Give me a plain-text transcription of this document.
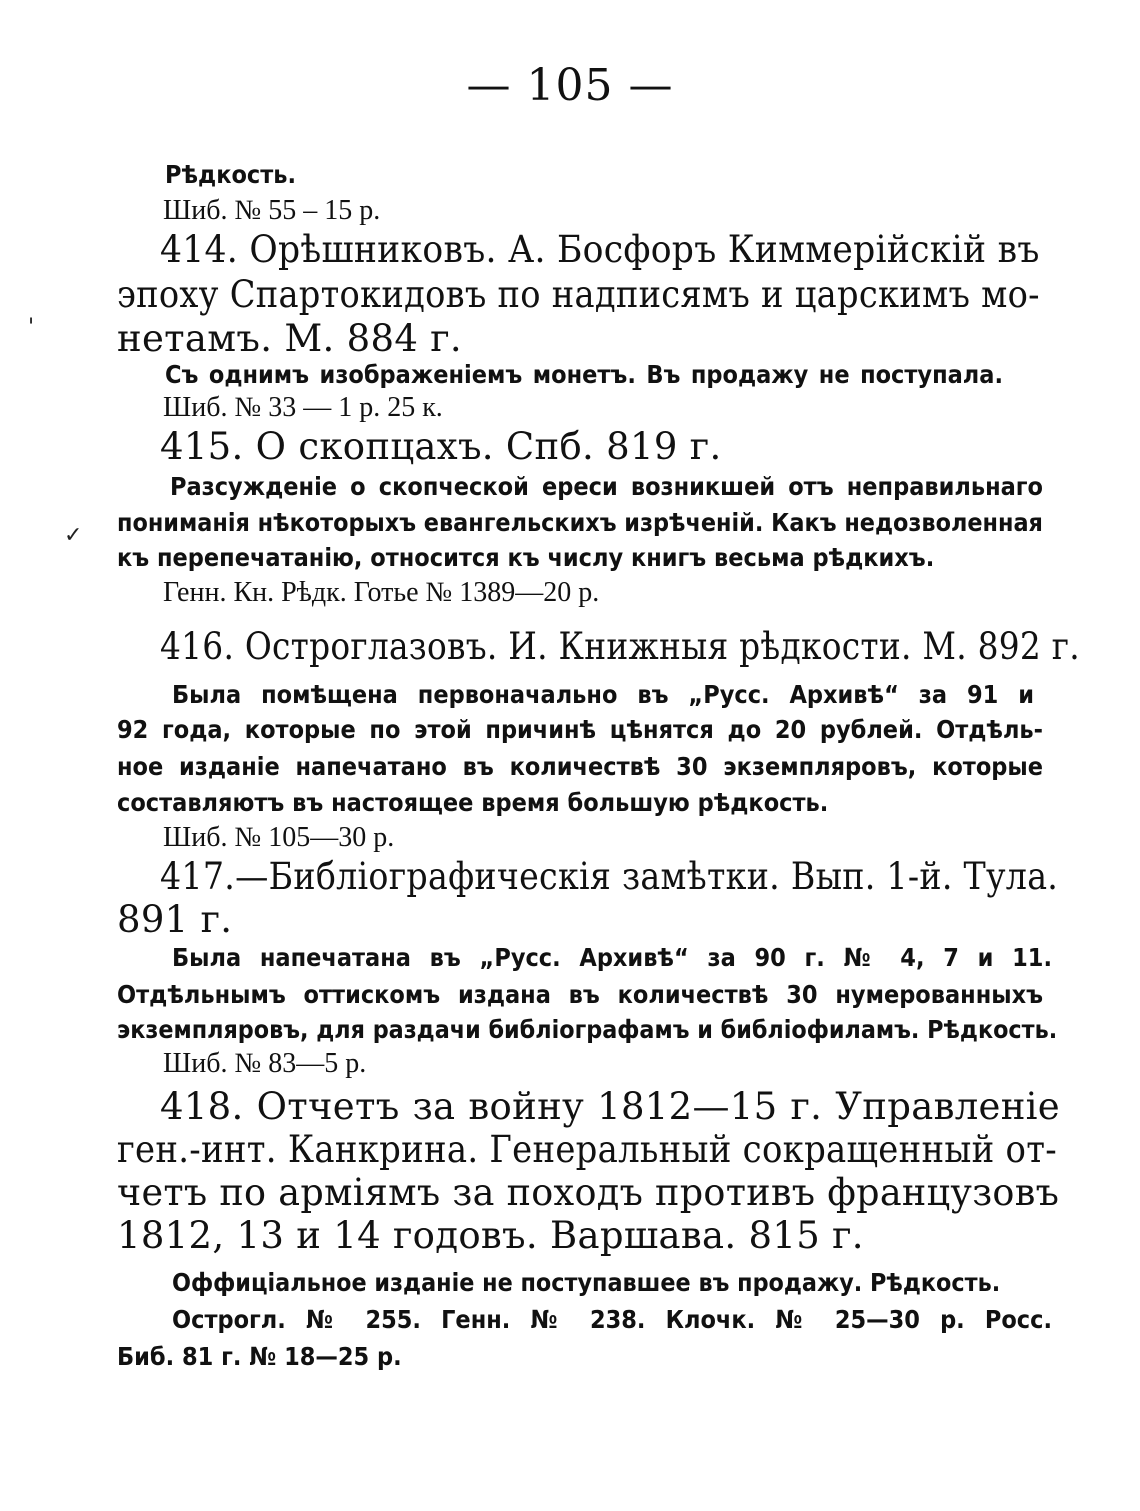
— 105 —

Рѣдкость.

Шиб. № 55 – 15 р.

414. Орѣшниковъ. А. Босфоръ Киммерiйскiй въ

эпоху Спартокидовъ по надписямъ и царскимъ мо-

нетамъ. М. 884 г.

Съ однимъ изображенiемъ монетъ. Въ продажу не поступала.

Шиб. № 33 — 1 р. 25 к.

415. О скопцахъ. Спб. 819 г.

Разсужденiе о скопческой ереси возникшей отъ неправильнаго

пониманiя нѣкоторыхъ евангельскихъ изрѣченiй. Какъ недозволенная

къ перепечатанiю, относится къ числу книгъ весьма рѣдкихъ.

Генн. Кн. Рѣдк. Готье № 1389—20 р.

416. Остроглазовъ. И. Книжныя рѣдкости. М. 892 г.

Была помѣщена первоначально въ „Русс. Архивѣ“ за 91 и

92 года, которые по этой причинѣ цѣнятся до 20 рублей. Отдѣль-

ное изданiе напечатано въ количествѣ 30 экземпляровъ, которые

составляютъ въ настоящее время большую рѣдкость.

Шиб. № 105—30 р.

417.—Библiографическiя замѣтки. Вып. 1-й. Тула.

891 г.

Была напечатана въ „Русс. Архивѣ“ за 90 г. № 4, 7 и 11.

Отдѣльнымъ оттискомъ издана въ количествѣ 30 нумерованныхъ

экземпляровъ, для раздачи библiографамъ и библiофиламъ. Рѣдкость.

Шиб. № 83—5 р.

418. Отчетъ за войну 1812—15 г. Управленiе

ген.-инт. Канкрина. Генеральный сокращенный от-

четъ по армiямъ за походъ противъ французовъ

1812, 13 и 14 годовъ. Варшава. 815 г.

Оффицiальное изданiе не поступавшее въ продажу. Рѣдкость.

Острогл. № 255. Генн. № 238. Клочк. № 25—30 р. Росс.

Биб. 81 г. № 18—25 р.

'
✓
